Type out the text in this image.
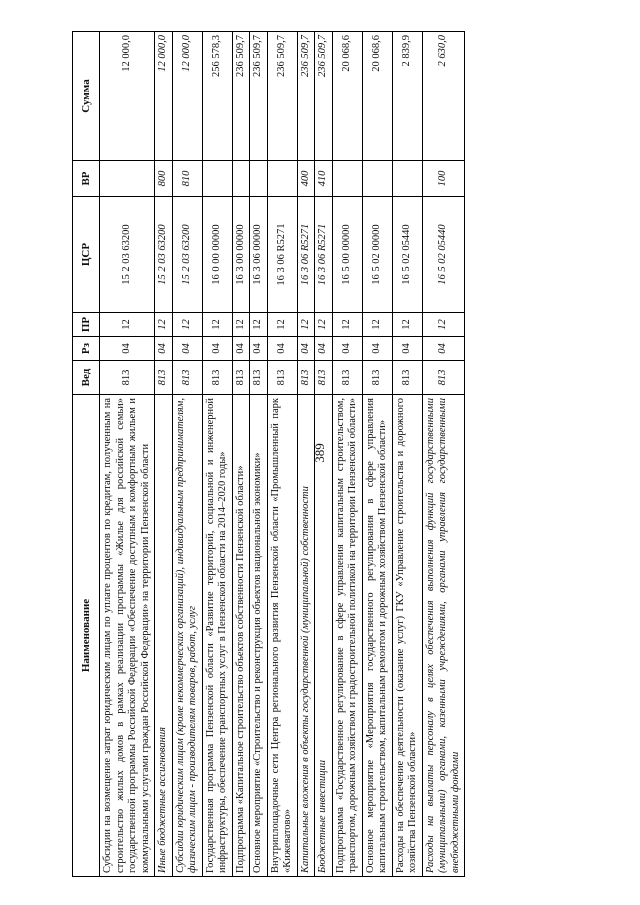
389
Наименование	Вед	Рз	ПР	ЦСР	ВР	Сумма
Субсидии на возмещение затрат юридическим лицам по уплате процентов по кредитам, полученным на строительство жилых домов в рамках реализации программы «Жилье для российской семьи» государственной программы Российской Федерации «Обеспечение доступным и комфортным жильем и коммунальными услугами граждан Российской Федерации» на территории Пензенской области	813	04	12	15 2 03 63200		12 000,0
Иные бюджетные ассигнования	813	04	12	15 2 03 63200	800	12 000,0
Субсидии юридическим лицам (кроме некоммерческих организаций), индивидуальным предпринимателям, физическим лицам - производителям товаров, работ, услуг	813	04	12	15 2 03 63200	810	12 000,0
Государственная программа Пензенской области «Развитие территорий, социальной и инженерной инфраструктуры, обеспечение транспортных услуг в Пензенской области на 2014–2020 годы»	813	04	12	16 0 00 00000		256 578,3
Подпрограмма «Капитальное строительство объектов собственности Пензенской области»	813	04	12	16 3 00 00000		236 509,7
Основное мероприятие «Строительство и реконструкция объектов национальной экономики»	813	04	12	16 3 06 00000		236 509,7
Внутриплощадочные сети Центра регионального развития Пензенской области «Промышленный парк «Кижеватово»	813	04	12	16 3 06 R5271		236 509,7
Капитальные вложения в объекты государственной (муниципальной) собственности	813	04	12	16 3 06 R5271	400	236 509,7
Бюджетные инвестиции	813	04	12	16 3 06 R5271	410	236 509,7
Подпрограмма «Государственное регулирование в сфере управления капитальным строительством, транспортом, дорожным хозяйством и градостроительной политикой на территории Пензенской области»	813	04	12	16 5 00 00000		20 068,6
Основное мероприятие «Мероприятия государственного регулирования в сфере управления капитальным строительством, капитальным ремонтом и дорожным хозяйством Пензенской области»	813	04	12	16 5 02 00000		20 068,6
Расходы на обеспечение деятельности (оказание услуг) ГКУ «Управление строительства и дорожного хозяйства Пензенской области»	813	04	12	16 5 02 05440		2 839,9
Расходы на выплаты персоналу в целях обеспечения выполнения функций государственными (муниципальными) органами, казенными учреждениями, органами управления государственными внебюджетными фондами	813	04	12	16 5 02 05440	100	2 630,0
